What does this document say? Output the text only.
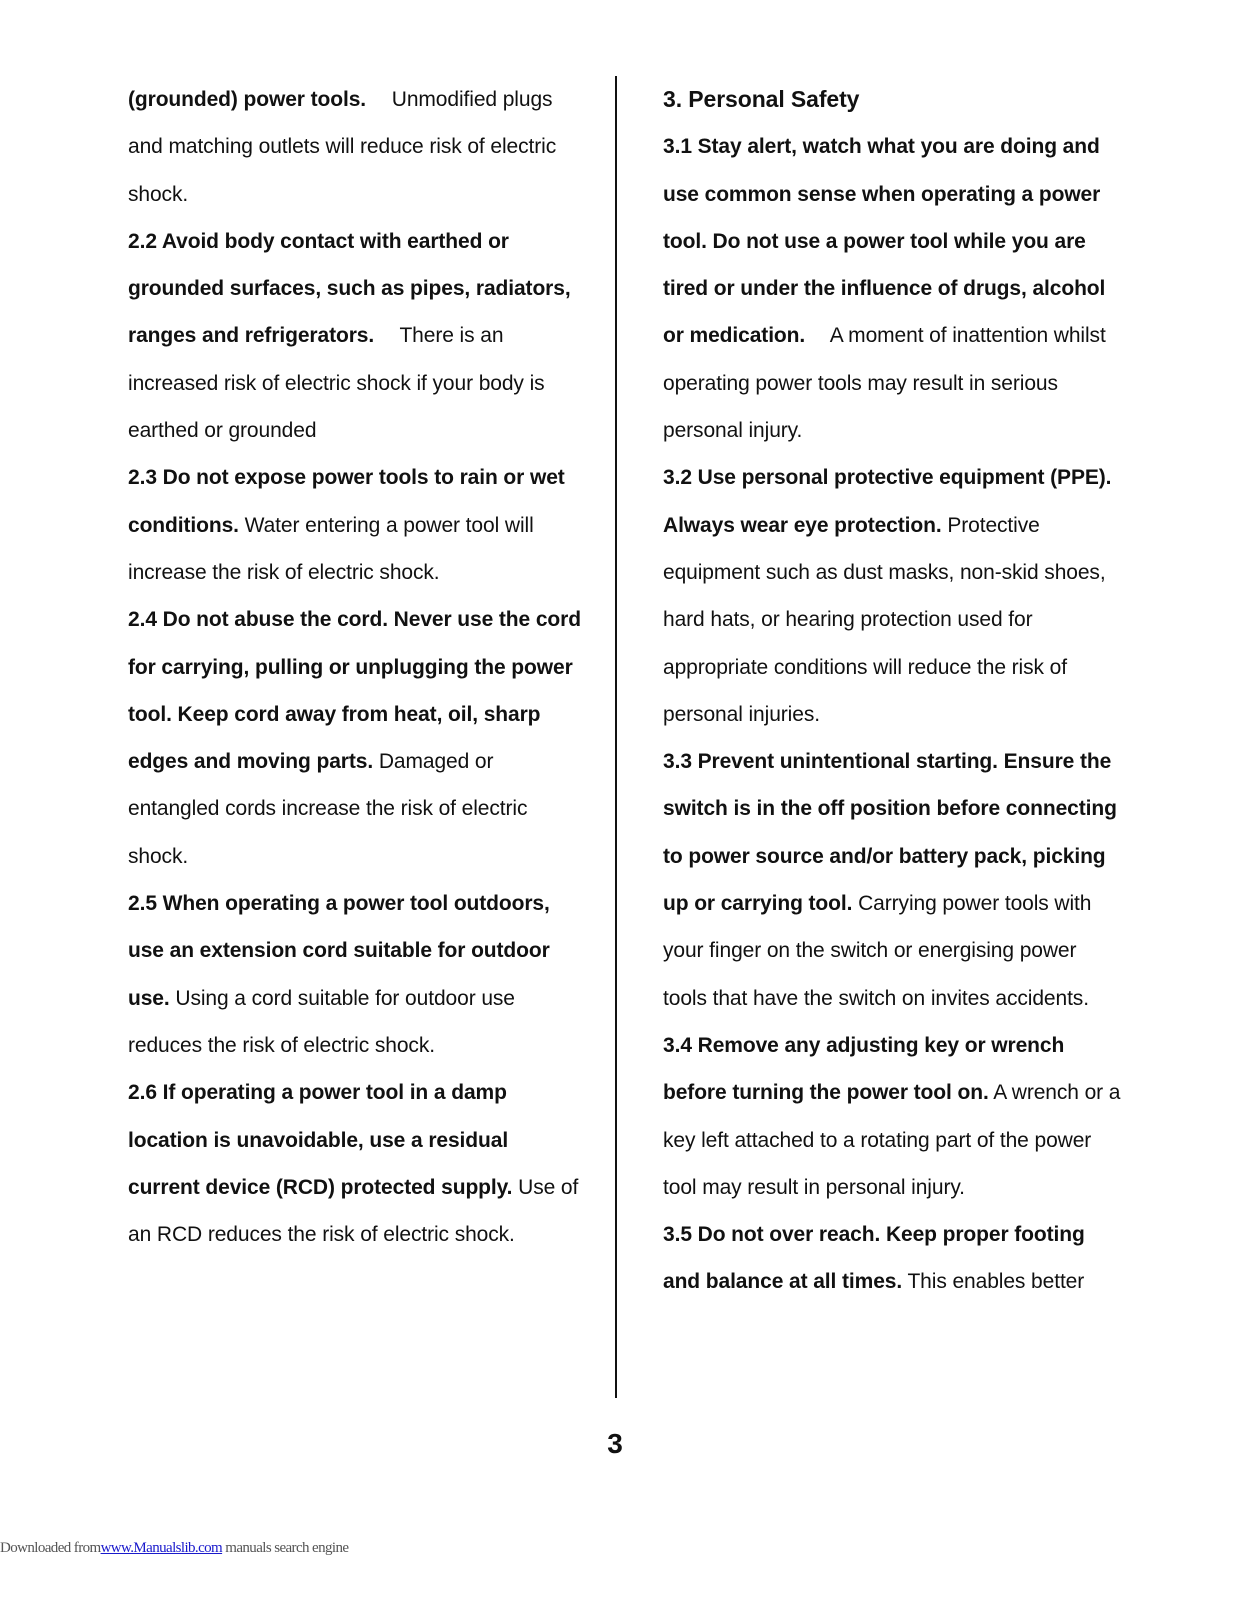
(grounded) power tools. Unmodified plugs and matching outlets will reduce risk of electric shock.

2.2 Avoid body contact with earthed or grounded surfaces, such as pipes, radiators, ranges and refrigerators. There is an increased risk of electric shock if your body is earthed or grounded

2.3 Do not expose power tools to rain or wet conditions. Water entering a power tool will increase the risk of electric shock.

2.4 Do not abuse the cord. Never use the cord for carrying, pulling or unplugging the power tool. Keep cord away from heat, oil, sharp edges and moving parts. Damaged or entangled cords increase the risk of electric shock.

2.5 When operating a power tool outdoors, use an extension cord suitable for outdoor use. Using a cord suitable for outdoor use reduces the risk of electric shock.

2.6 If operating a power tool in a damp location is unavoidable, use a residual current device (RCD) protected supply. Use of an RCD reduces the risk of electric shock.

3. Personal Safety

3.1 Stay alert, watch what you are doing and use common sense when operating a power tool. Do not use a power tool while you are tired or under the influence of drugs, alcohol or medication. A moment of inattention whilst operating power tools may result in serious personal injury.

3.2 Use personal protective equipment (PPE). Always wear eye protection. Protective equipment such as dust masks, non-skid shoes, hard hats, or hearing protection used for appropriate conditions will reduce the risk of personal injuries.

3.3 Prevent unintentional starting. Ensure the switch is in the off position before connecting to power source and/or battery pack, picking up or carrying tool. Carrying power tools with your finger on the switch or energising power tools that have the switch on invites accidents.

3.4 Remove any adjusting key or wrench before turning the power tool on. A wrench or a key left attached to a rotating part of the power tool may result in personal injury.

3.5 Do not over reach. Keep proper footing and balance at all times. This enables better

3
Downloaded fromwww.Manualslib.com manuals search engine
